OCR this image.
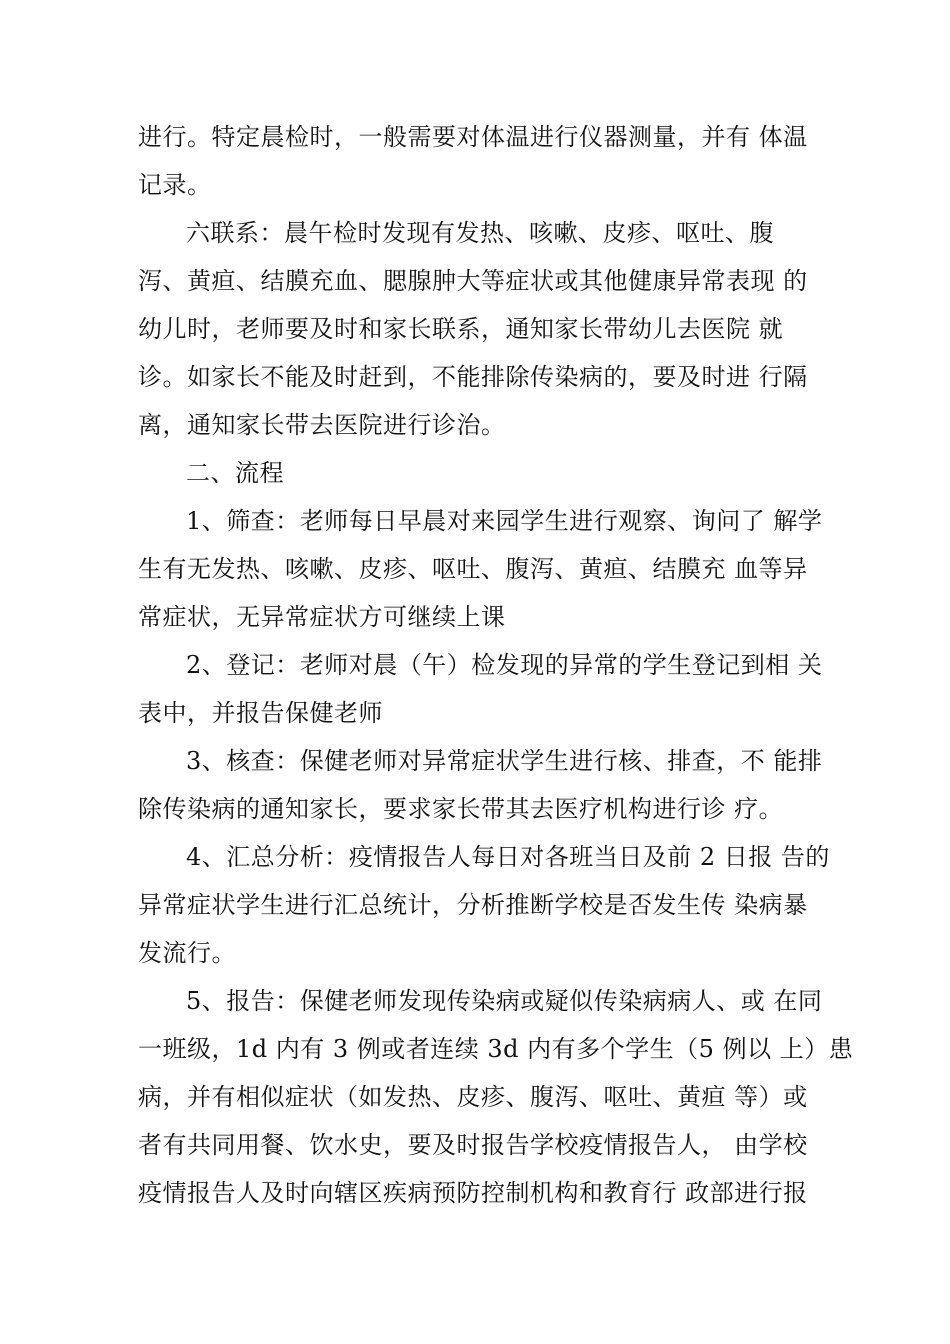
进行。特定晨检时，一般需要对体温进行仪器测量，并有 体温
记录。
六联系：晨午检时发现有发热、咳嗽、皮疹、呕吐、腹
泻、黄疸、结膜充血、腮腺肿大等症状或其他健康异常表现 的
幼儿时，老师要及时和家长联系，通知家长带幼儿去医院 就
诊。如家长不能及时赶到，不能排除传染病的，要及时进 行隔
离，通知家长带去医院进行诊治。
二、流程
1、筛查：老师每日早晨对来园学生进行观察、询问了 解学
生有无发热、咳嗽、皮疹、呕吐、腹泻、黄疸、结膜充 血等异
常症状，无异常症状方可继续上课
2、登记：老师对晨（午）检发现的异常的学生登记到相 关
表中，并报告保健老师
3、核查：保健老师对异常症状学生进行核、排查，不 能排
除传染病的通知家长，要求家长带其去医疗机构进行诊 疗。
4、汇总分析：疫情报告人每日对各班当日及前 2 日报 告的
异常症状学生进行汇总统计，分析推断学校是否发生传 染病暴
发流行。
5、报告：保健老师发现传染病或疑似传染病病人、或 在同
一班级，1d 内有 3 例或者连续 3d 内有多个学生（5 例以 上）患
病，并有相似症状（如发热、皮疹、腹泻、呕吐、黄疸 等）或
者有共同用餐、饮水史，要及时报告学校疫情报告人， 由学校
疫情报告人及时向辖区疾病预防控制机构和教育行 政部进行报
